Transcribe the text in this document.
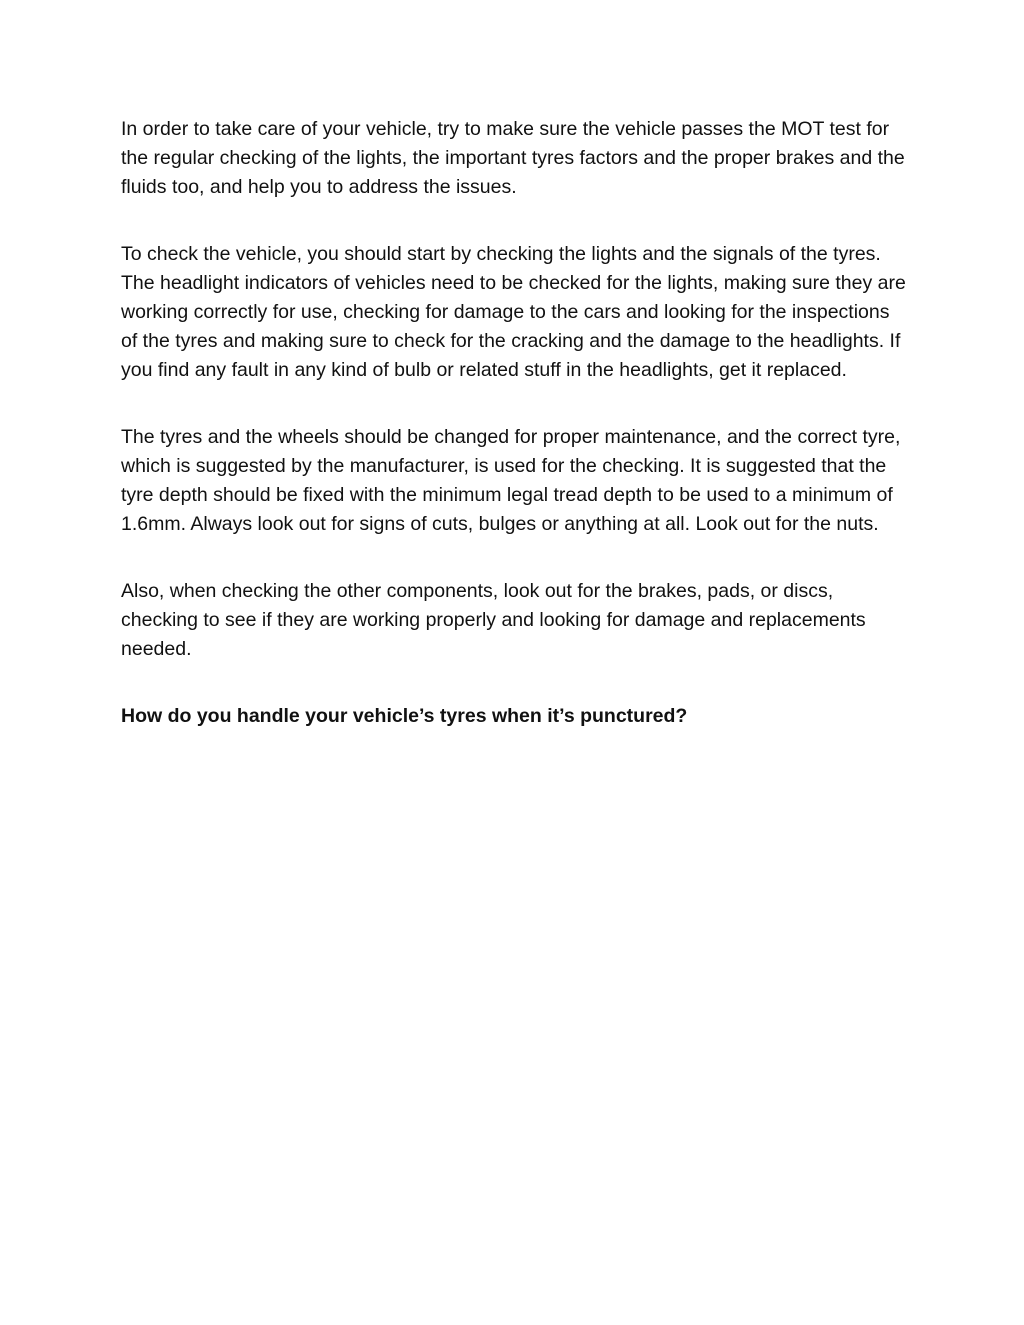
In order to take care of your vehicle, try to make sure the vehicle passes the MOT test for the regular checking of the lights, the important tyres factors and the proper brakes and the fluids too, and help you to address the issues.

To check the vehicle, you should start by checking the lights and the signals of the tyres. The headlight indicators of vehicles need to be checked for the lights, making sure they are working correctly for use, checking for damage to the cars and looking for the inspections of the tyres and making sure to check for the cracking and the damage to the headlights. If you find any fault in any kind of bulb or related stuff in the headlights, get it replaced.

The tyres and the wheels should be changed for proper maintenance, and the correct tyre, which is suggested by the manufacturer, is used for the checking. It is suggested that the tyre depth should be fixed with the minimum legal tread depth to be used to a minimum of 1.6mm. Always look out for signs of cuts, bulges or anything at all. Look out for the nuts.

Also, when checking the other components, look out for the brakes, pads, or discs, checking to see if they are working properly and looking for damage and replacements needed.

How do you handle your vehicle’s tyres when it’s punctured?
